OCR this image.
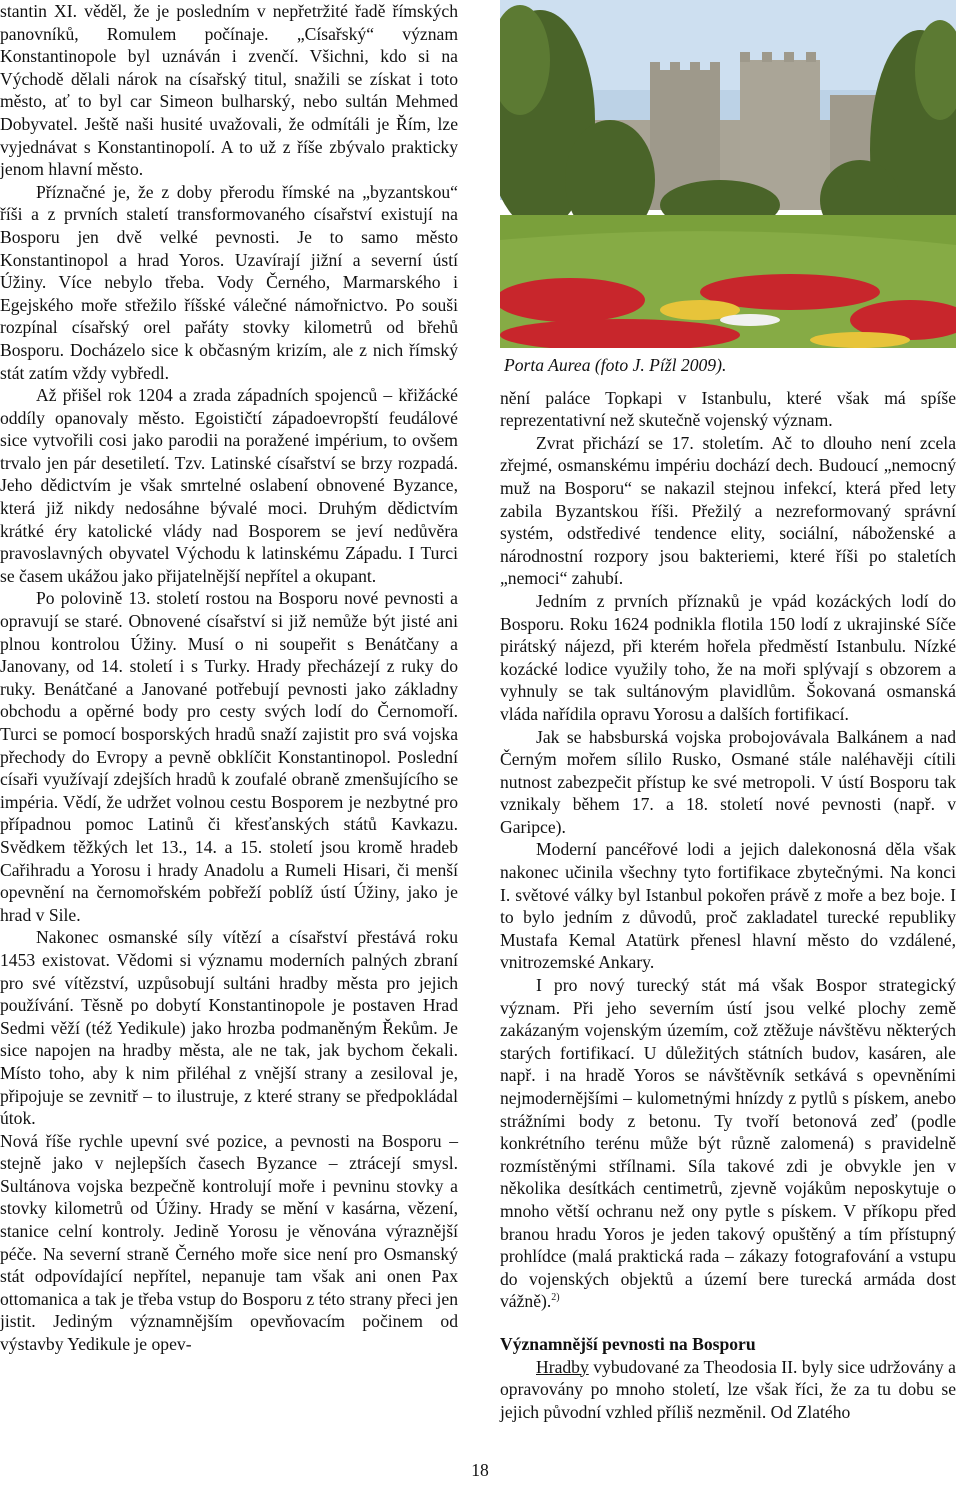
stantin XI. věděl, že je posledním v nepřetržité řadě římských panovníků, Romulem počínaje. „Císařský“ význam Konstantinopole byl uznáván i zvenčí. Všichni, kdo si na Východě dělali nárok na císařský titul, snažili se získat i toto město, ať to byl car Simeon bulharský, nebo sultán Mehmed Dobyvatel. Ještě naši husité uvažovali, že odmítáli je Řím, lze vyjednávat s Konstantinopolí. A to už z říše zbývalo prakticky jenom hlavní město.

Příznačné je, že z doby přerodu římské na „byzantskou“ říši a z prvních staletí transformovaného císařství existují na Bosporu jen dvě velké pevnosti. Je to samo město Konstantinopol a hrad Yoros. Uzavírají jižní a severní ústí Úžiny. Více nebylo třeba. Vody Černého, Marmarského i Egejského moře střežilo říšské válečné námořnictvo. Po souši rozpínal císařský orel pařáty stovky kilometrů od břehů Bosporu. Docházelo sice k občasným krizím, ale z nich římský stát zatím vždy vybředl.

Až přišel rok 1204 a zrada západních spojenců – křižácké oddíly opanovaly město. Egoističtí západoevropští feudálové sice vytvořili cosi jako parodii na poražené impérium, to ovšem trvalo jen pár desetiletí. Tzv. Latinské císařství se brzy rozpadá. Jeho dědictvím je však smrtelné oslabení obnovené Byzance, která již nikdy nedosáhne bývalé moci. Druhým dědictvím krátké éry katolické vlády nad Bosporem se jeví nedůvěra pravoslavných obyvatel Východu k latinskému Západu. I Turci se časem ukážou jako přijatelnější nepřítel a okupant.

Po polovině 13. století rostou na Bosporu nové pevnosti a opravují se staré. Obnovené císařství si již nemůže být jisté ani plnou kontrolou Úžiny. Musí o ni soupeřit s Benátčany a Janovany, od 14. století i s Turky. Hrady přecházejí z ruky do ruky. Benátčané a Janované potřebují pevnosti jako základny obchodu a opěrné body pro cesty svých lodí do Černomoří. Turci se pomocí bosporských hradů snaží zajistit pro svá vojska přechody do Evropy a pevně obklíčit Konstantinopol. Poslední císaři využívají zdejších hradů k zoufalé obraně zmenšujícího se impéria. Vědí, že udržet volnou cestu Bosporem je nezbytné pro případnou pomoc Latinů či křesťanských států Kavkazu. Svědkem těžkých let 13., 14. a 15. století jsou kromě hradeb Cařihradu a Yorosu i hrady Anadolu a Rumeli Hisari, či menší opevnění na černomořském pobřeží poblíž ústí Úžiny, jako je hrad v Sile.

Nakonec osmanské síly vítězí a císařství přestává roku 1453 existovat. Vědomi si významu moderních palných zbraní pro své vítězství, uzpůsobují sultáni hradby města pro jejich používání. Těsně po dobytí Konstantinopole je postaven Hrad Sedmi věží (též Yedikule) jako hrozba podmaněným Řekům. Je sice napojen na hradby města, ale ne tak, jak bychom čekali. Místo toho, aby k nim přiléhal z vnější strany a zesiloval je, připojuje se zevnitř – to ilustruje, z které strany se předpokládal útok.

Nová říše rychle upevní své pozice, a pevnosti na Bosporu – stejně jako v nejlepších časech Byzance – ztrácejí smysl. Sultánova vojska bezpečně kontrolují moře i pevninu stovky a stovky kilometrů od Úžiny. Hrady se mění v kasárna, vězení, stanice celní kontroly. Jedině Yorosu je věnována výraznější péče. Na severní straně Černého moře sice není pro Osmanský stát odpovídající nepřítel, nepanuje tam však ani onen Pax ottomanica a tak je třeba vstup do Bosporu z této strany přeci jen jistit. Jediným významnějším opevňovacím počinem od výstavby Yedikule je opev-

Porta Aurea (foto J. Pížl 2009).

nění paláce Topkapi v Istanbulu, které však má spíše reprezentativní než skutečně vojenský význam.

Zvrat přichází se 17. stoletím. Ač to dlouho není zcela zřejmé, osmanskému impériu dochází dech. Budoucí „nemocný muž na Bosporu“ se nakazil stejnou infekcí, která před lety zabila Byzantskou říši. Přežilý a nezreformovaný správní systém, odstředivé tendence elity, sociální, náboženské a národnostní rozpory jsou bakteriemi, které říši po staletích „nemoci“ zahubí.

Jedním z prvních příznaků je vpád kozáckých lodí do Bosporu. Roku 1624 podnikla flotila 150 lodí z ukrajinské Síče pirátský nájezd, při kterém hořela předměstí Istanbulu. Nízké kozácké lodice využily toho, že na moři splývají s obzorem a vyhnuly se tak sultánovým plavidlům. Šokovaná osmanská vláda nařídila opravu Yorosu a dalších fortifikací.

Jak se habsburská vojska probojovávala Balkánem a nad Černým mořem sílilo Rusko, Osmané stále naléhavěji cítili nutnost zabezpečit přístup ke své metropoli. V ústí Bosporu tak vznikaly během 17. a 18. století nové pevnosti (např. v Garipce).

Moderní pancéřové lodi a jejich dalekonosná děla však nakonec učinila všechny tyto fortifikace zbytečnými. Na konci I. světové války byl Istanbul pokořen právě z moře a bez boje. I to bylo jedním z důvodů, proč zakladatel turecké republiky Mustafa Kemal Atatürk přenesl hlavní město do vzdálené, vnitrozemské Ankary.

I pro nový turecký stát má však Bospor strategický význam. Při jeho severním ústí jsou velké plochy země zakázaným vojenským územím, což ztěžuje návštěvu některých starých fortifikací. U důležitých státních budov, kasáren, ale např. i na hradě Yoros se návštěvník setkává s opevněními nejmodernějšími – kulometnými hnízdy z pytlů s pískem, anebo strážními body z betonu. Ty tvoří betonová zeď (podle konkrétního terénu může být různě zalomená) s pravidelně rozmístěnými střílnami. Síla takové zdi je obvykle jen v několika desítkách centimetrů, zjevně vojákům neposkytuje o mnoho větší ochranu než ony pytle s pískem. V příkopu před branou hradu Yoros je jeden takový opuštěný a tím přístupný prohlídce (malá praktická rada – zákazy fotografování a vstupu do vojenských objektů a území bere turecká armáda dost vážně).$^{2)}$

Významnější pevnosti na Bosporu

Hradby vybudované za Theodosia II. byly sice udržovány a opravovány po mnoho století, lze však říci, že za tu dobu se jejich původní vzhled příliš nezměnil. Od Zlatého

18
